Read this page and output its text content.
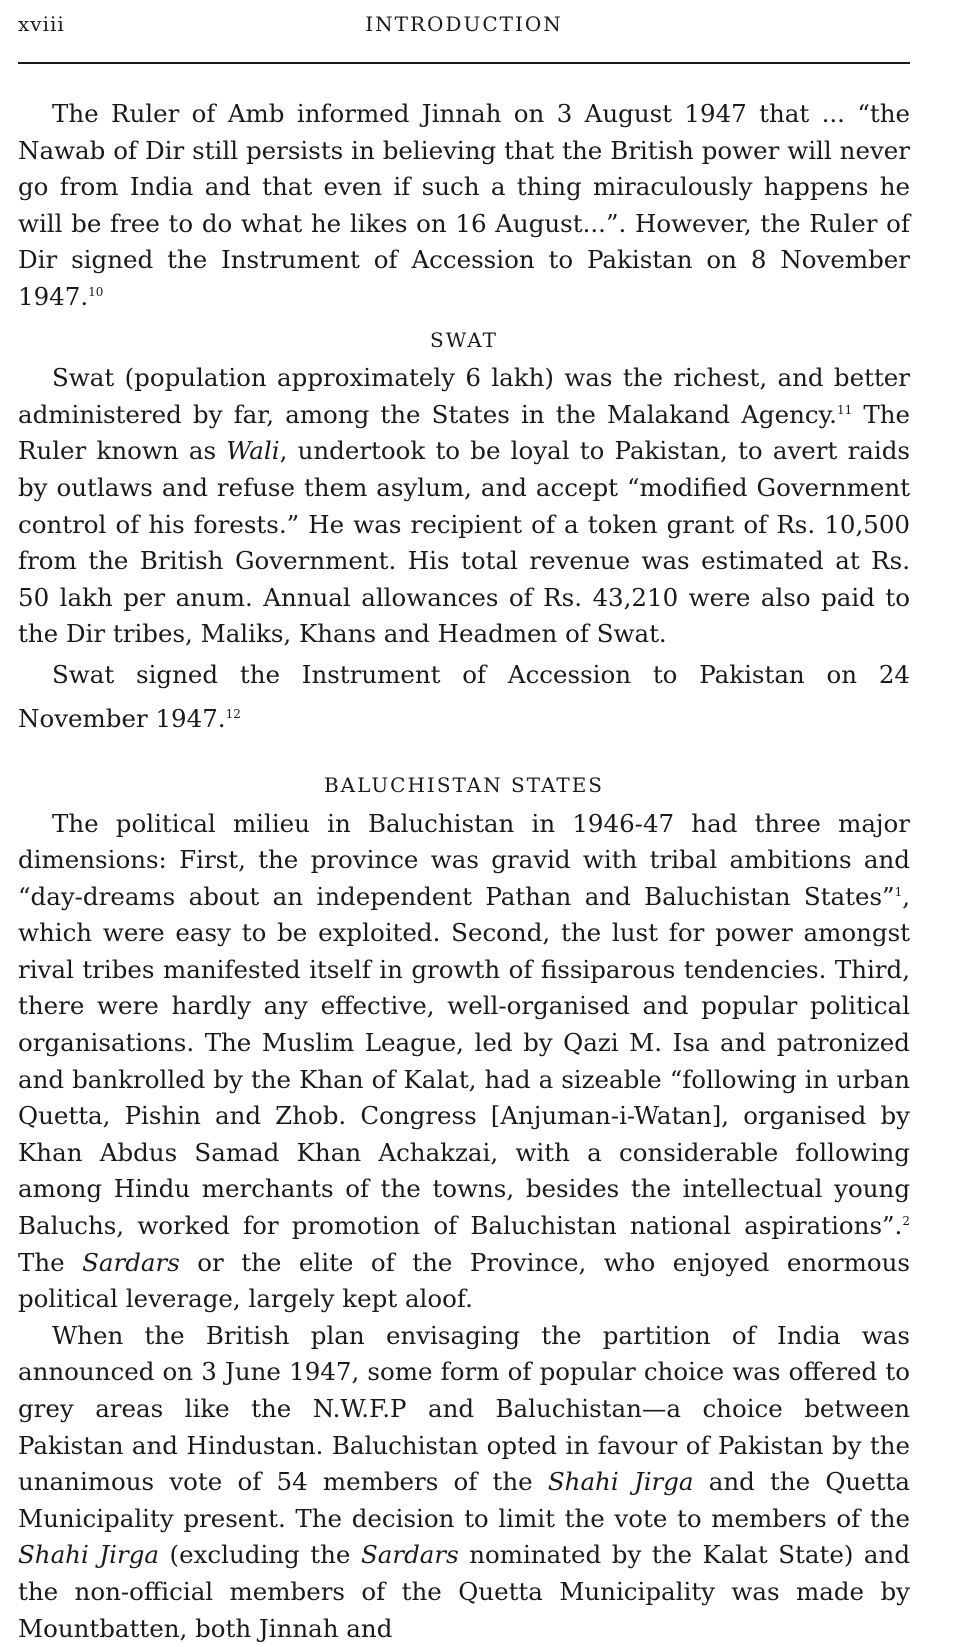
xviii	INTRODUCTION

The Ruler of Amb informed Jinnah on 3 August 1947 that ... “the Nawab of Dir still persists in believing that the British power will never go from India and that even if such a thing miraculously happens he will be free to do what he likes on 16 August...”. However, the Ruler of Dir signed the Instrument of Accession to Pakistan on 8 November 1947.10

SWAT

Swat (population approximately 6 lakh) was the richest, and better administered by far, among the States in the Malakand Agency.$^{11}$ The Ruler known as Wali, undertook to be loyal to Pakistan, to avert raids by outlaws and refuse them asylum, and accept “modified Government control of his forests.” He was recipient of a token grant of Rs. 10,500 from the British Government. His total revenue was estimated at Rs. 50 lakh per anum. Annual allowances of Rs. 43,210 were also paid to the Dir tribes, Maliks, Khans and Headmen of Swat.

Swat signed the Instrument of Accession to Pakistan on 24 November 1947.12

BALUCHISTAN STATES

The political milieu in Baluchistan in 1946-47 had three major dimensions: First, the province was gravid with tribal ambitions and “day-dreams about an independent Pathan and Baluchistan States”$^1$, which were easy to be exploited. Second, the lust for power amongst rival tribes manifested itself in growth of fissiparous tendencies. Third, there were hardly any effective, well-organised and popular political organisations. The Muslim League, led by Qazi M. Isa and patronized and bankrolled by the Khan of Kalat, had a sizeable “following in urban Quetta, Pishin and Zhob. Congress [Anjuman-i-Watan], organised by Khan Abdus Samad Khan Achakzai, with a considerable following among Hindu merchants of the towns, besides the intellectual young Baluchs, worked for promotion of Baluchistan national aspirations”.$^2$ The Sardars or the elite of the Province, who enjoyed enormous political leverage, largely kept aloof.

When the British plan envisaging the partition of India was announced on 3 June 1947, some form of popular choice was offered to grey areas like the N.W.F.P and Baluchistan—a choice between Pakistan and Hindustan. Baluchistan opted in favour of Pakistan by the unanimous vote of 54 members of the Shahi Jirga and the Quetta Municipality present. The decision to limit the vote to members of the Shahi Jirga (excluding the Sardars nominated by the Kalat State) and the non-official members of the Quetta Municipality was made by Mountbatten, both Jinnah and
